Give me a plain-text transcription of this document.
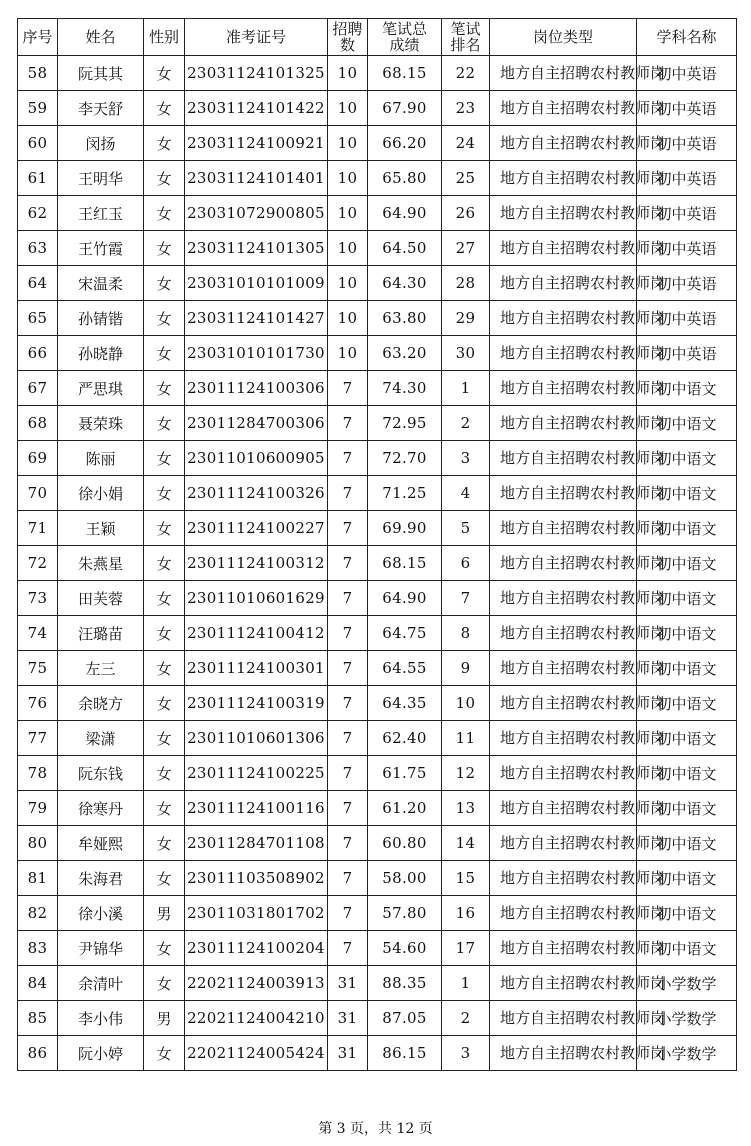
序号	姓名	性别	准考证号	招聘数	笔试总成绩	笔试排名	岗位类型	学科名称
58	阮其其	女	23031124101325	10	68.15	22	地方自主招聘农村教师岗	初中英语
59	李天舒	女	23031124101422	10	67.90	23	地方自主招聘农村教师岗	初中英语
60	闵扬	女	23031124100921	10	66.20	24	地方自主招聘农村教师岗	初中英语
61	王明华	女	23031124101401	10	65.80	25	地方自主招聘农村教师岗	初中英语
62	王红玉	女	23031072900805	10	64.90	26	地方自主招聘农村教师岗	初中英语
63	王竹霞	女	23031124101305	10	64.50	27	地方自主招聘农村教师岗	初中英语
64	宋温柔	女	23031010101009	10	64.30	28	地方自主招聘农村教师岗	初中英语
65	孙锖锴	女	23031124101427	10	63.80	29	地方自主招聘农村教师岗	初中英语
66	孙晓静	女	23031010101730	10	63.20	30	地方自主招聘农村教师岗	初中英语
67	严思琪	女	23011124100306	7	74.30	1	地方自主招聘农村教师岗	初中语文
68	聂荣珠	女	23011284700306	7	72.95	2	地方自主招聘农村教师岗	初中语文
69	陈丽	女	23011010600905	7	72.70	3	地方自主招聘农村教师岗	初中语文
70	徐小娟	女	23011124100326	7	71.25	4	地方自主招聘农村教师岗	初中语文
71	王颖	女	23011124100227	7	69.90	5	地方自主招聘农村教师岗	初中语文
72	朱燕星	女	23011124100312	7	68.15	6	地方自主招聘农村教师岗	初中语文
73	田芙蓉	女	23011010601629	7	64.90	7	地方自主招聘农村教师岗	初中语文
74	汪璐苗	女	23011124100412	7	64.75	8	地方自主招聘农村教师岗	初中语文
75	左三	女	23011124100301	7	64.55	9	地方自主招聘农村教师岗	初中语文
76	余晓方	女	23011124100319	7	64.35	10	地方自主招聘农村教师岗	初中语文
77	梁潇	女	23011010601306	7	62.40	11	地方自主招聘农村教师岗	初中语文
78	阮东钱	女	23011124100225	7	61.75	12	地方自主招聘农村教师岗	初中语文
79	徐寒丹	女	23011124100116	7	61.20	13	地方自主招聘农村教师岗	初中语文
80	牟娅熙	女	23011284701108	7	60.80	14	地方自主招聘农村教师岗	初中语文
81	朱海君	女	23011103508902	7	58.00	15	地方自主招聘农村教师岗	初中语文
82	徐小溪	男	23011031801702	7	57.80	16	地方自主招聘农村教师岗	初中语文
83	尹锦华	女	23011124100204	7	54.60	17	地方自主招聘农村教师岗	初中语文
84	余清叶	女	22021124003913	31	88.35	1	地方自主招聘农村教师岗	小学数学
85	李小伟	男	22021124004210	31	87.05	2	地方自主招聘农村教师岗	小学数学
86	阮小婷	女	22021124005424	31	86.15	3	地方自主招聘农村教师岗	小学数学
第 3 页，共 12 页
